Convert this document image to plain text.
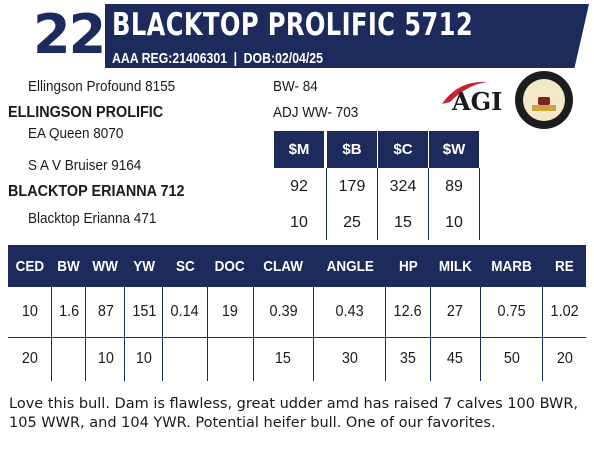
22 BLACKTOP PROLIFIC 5712
AAA REG:21406301 | DOB:02/04/25
Ellingson Profound 8155
ELLINGSON PROLIFIC
EA Queen 8070
S A V Bruiser 9164
BLACKTOP ERIANNA 712
Blacktop Erianna 471
BW- 84
ADJ WW- 703
$M	$B	$C	$W
92	179	324	89
10	25	15	10
AGI
CED	BW	WW	YW	SC	DOC	CLAW	ANGLE	HP	MILK	MARB	RE
10	1.6	87	151	0.14	19	0.39	0.43	12.6	27	0.75	1.02
20		10	10			15	30	35	45	50	20
Love this bull. Dam is flawless, great udder amd has raised 7 calves 100 BWR, 105 WWR, and 104 YWR. Potential heifer bull. One of our favorites.
